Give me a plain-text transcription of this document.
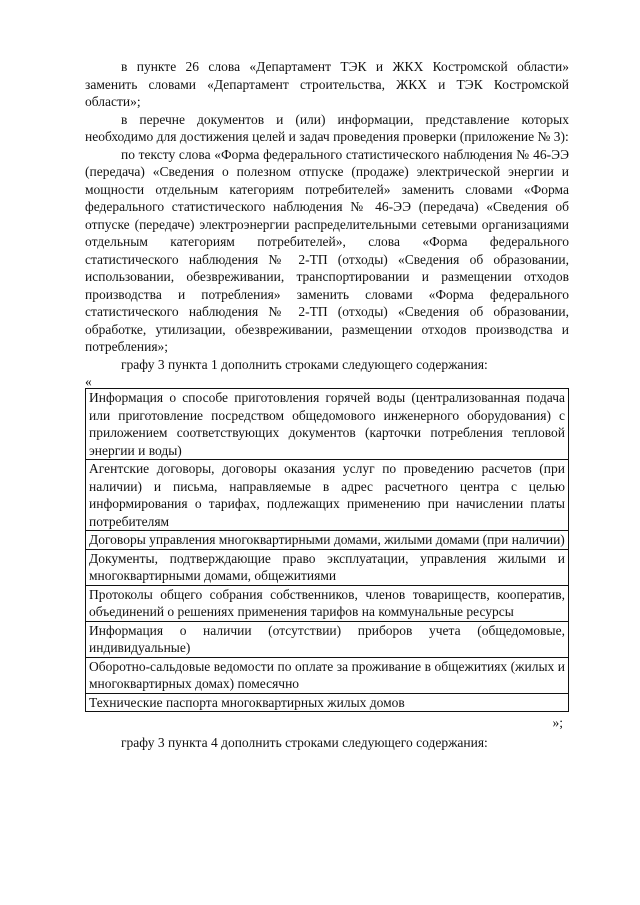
в пункте 26 слова «Департамент ТЭК и ЖКХ Костромской области» заменить словами «Департамент строительства, ЖКХ и ТЭК Костромской области»;

в перечне документов и (или) информации, представление которых необходимо для достижения целей и задач проведения проверки (приложение № 3):

по тексту слова «Форма федерального статистического наблюдения № 46-ЭЭ (передача) «Сведения о полезном отпуске (продаже) электрической энергии и мощности отдельным категориям потребителей» заменить словами «Форма федерального статистического наблюдения № 46-ЭЭ (передача) «Сведения об отпуске (передаче) электроэнергии распределительными сетевыми организациями отдельным категориям потребителей», слова «Форма федерального статистического наблюдения № 2-ТП (отходы) «Сведения об образовании, использовании, обезвреживании, транспортировании и размещении отходов производства и потребления» заменить словами «Форма федерального статистического наблюдения № 2-ТП (отходы) «Сведения об образовании, обработке, утилизации, обезвреживании, размещении отходов производства и потребления»;

графу 3 пункта 1 дополнить строками следующего содержания:

«

Информация о способе приготовления горячей воды (централизованная подача или приготовление посредством общедомового инженерного оборудования) с приложением соответствующих документов (карточки потребления тепловой энергии и воды)
Агентские договоры, договоры оказания услуг по проведению расчетов (при наличии) и письма, направляемые в адрес расчетного центра с целью информирования о тарифах, подлежащих применению при начислении платы потребителям
Договоры управления многоквартирными домами, жилыми домами (при наличии)
Документы, подтверждающие право эксплуатации, управления жилыми и многоквартирными домами, общежитиями
Протоколы общего собрания собственников, членов товариществ, кооператив, объединений о решениях применения тарифов на коммунальные ресурсы
Информация о наличии (отсутствии) приборов учета (общедомовые, индивидуальные)
Оборотно-сальдовые ведомости по оплате за проживание в общежитиях (жилых и многоквартирных домах) помесячно
Технические паспорта многоквартирных жилых домов

»;

графу 3 пункта 4 дополнить строками следующего содержания:
